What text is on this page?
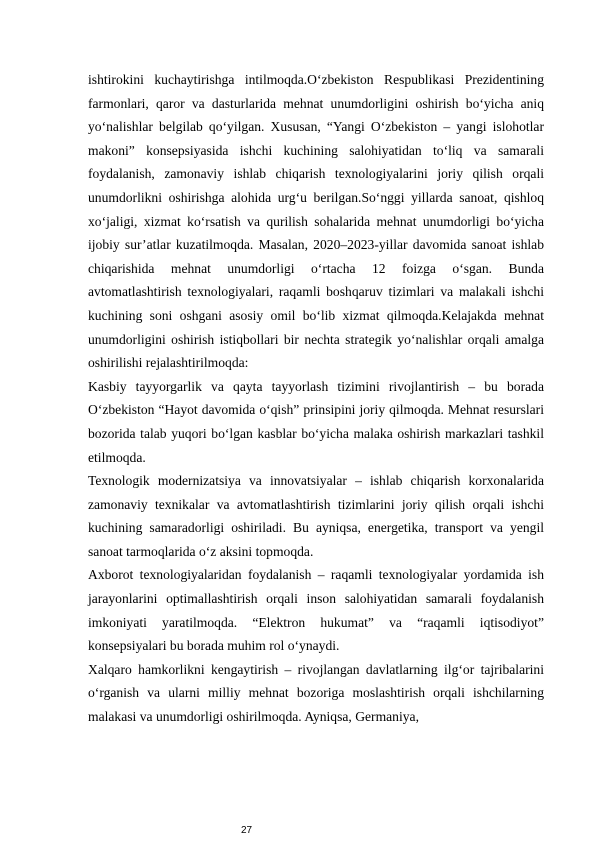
ishtirokini kuchaytirishga intilmoqda.O‘zbekiston Respublikasi Prezidentining farmonlari, qaror va dasturlarida mehnat unumdorligini oshirish bo‘yicha aniq yo‘nalishlar belgilab qo‘yilgan. Xususan, “Yangi O‘zbekiston – yangi islohotlar makoni” konsepsiyasida ishchi kuchining salohiyatidan to‘liq va samarali foydalanish, zamonaviy ishlab chiqarish texnologiyalarini joriy qilish orqali unumdorlikni oshirishga alohida urg‘u berilgan.So‘nggi yillarda sanoat, qishloq xo‘jaligi, xizmat ko‘rsatish va qurilish sohalarida mehnat unumdorligi bo‘yicha ijobiy sur’atlar kuzatilmoqda. Masalan, 2020–2023-yillar davomida sanoat ishlab chiqarishida mehnat unumdorligi o‘rtacha 12 foizga o‘sgan. Bunda avtomatlashtirish texnologiyalari, raqamli boshqaruv tizimlari va malakali ishchi kuchining soni oshgani asosiy omil bo‘lib xizmat qilmoqda.Kelajakda mehnat unumdorligini oshirish istiqbollari bir nechta strategik yo‘nalishlar orqali amalga oshirilishi rejalashtirilmoqda:

Kasbiy tayyorgarlik va qayta tayyorlash tizimini rivojlantirish – bu borada O‘zbekiston “Hayot davomida o‘qish” prinsipini joriy qilmoqda. Mehnat resurslari bozorida talab yuqori bo‘lgan kasblar bo‘yicha malaka oshirish markazlari tashkil etilmoqda.

Texnologik modernizatsiya va innovatsiyalar – ishlab chiqarish korxonalarida zamonaviy texnikalar va avtomatlashtirish tizimlarini joriy qilish orqali ishchi kuchining samaradorligi oshiriladi. Bu ayniqsa, energetika, transport va yengil sanoat tarmoqlarida o‘z aksini topmoqda.

Axborot texnologiyalaridan foydalanish – raqamli texnologiyalar yordamida ish jarayonlarini optimallashtirish orqali inson salohiyatidan samarali foydalanish imkoniyati yaratilmoqda. “Elektron hukumat” va “raqamli iqtisodiyot” konsepsiyalari bu borada muhim rol o‘ynaydi.

Xalqaro hamkorlikni kengaytirish – rivojlangan davlatlarning ilg‘or tajribalarini o‘rganish va ularni milliy mehnat bozoriga moslashtirish orqali ishchilarning malakasi va unumdorligi oshirilmoqda. Ayniqsa, Germaniya,

27
